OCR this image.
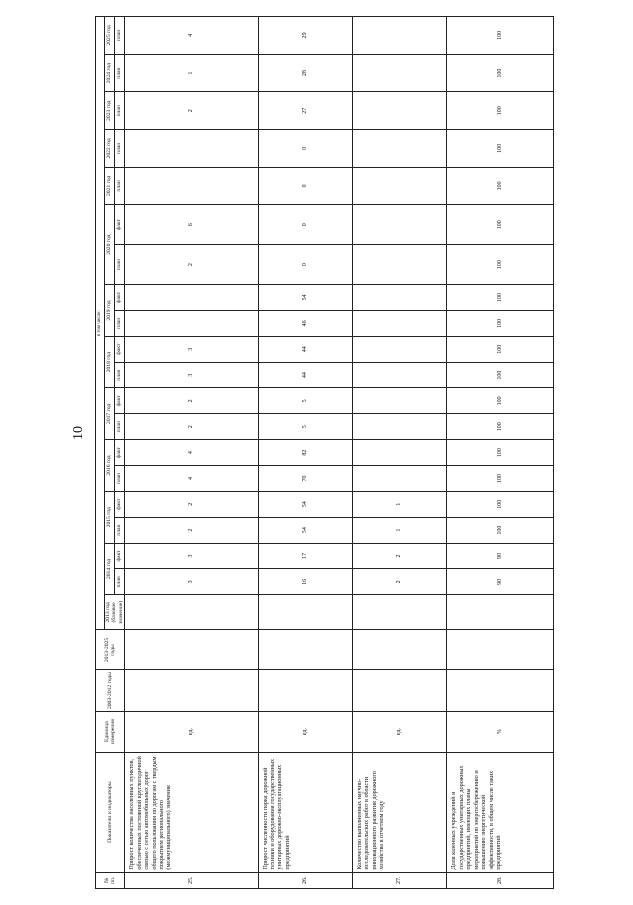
10
№ пп.	Показатели и индикаторы	Единица измерения	2003-2012 годы	2013-2025 годы	в том числе:																			
					2013 год (базовое значение)	2014 год		2015 год		2016 год		2017 год		2018 год		2019 год		2020 год		2021 год	2022 год	2023 год	2024 год	2025 год
						план	факт	план	факт	план	факт	план	факт	план	факт	план	факт	план	факт	план	план	план	план	план
25.	Прирост количества населенных пунктов, обеспеченных постоянной круглогодичной связью с сетью автомобильных дорог общего пользования по дорогам с твердым покрытием регионального (межмуниципального) значения	ед.				3	3	2	2	4	4	2	2	3	3			2	6			2	1	4
26.	Прирост численности парка дорожной техники и оборудования государственных унитарных дорожно-эксплуатационных предприятий	ед.				16	17	54	54	70	82	5	5	44	44	46	54	0	0	0	0	27	28	29
27.	Количество выполненных научно-исследовательских работ в области инновационного развития дорожного хозяйства в отчетном году	ед.				2	2	1	1															
28.	Доля казенных учреждений и государственных унитарных дорожных предприятий, имеющих планы мероприятий по энергосбережению и повышению энергетической эффективности, в общем числе таких предприятий	%				90	90	100	100	100	100	100	100	100	100	100	100	100	100	100	100	100	100	100
